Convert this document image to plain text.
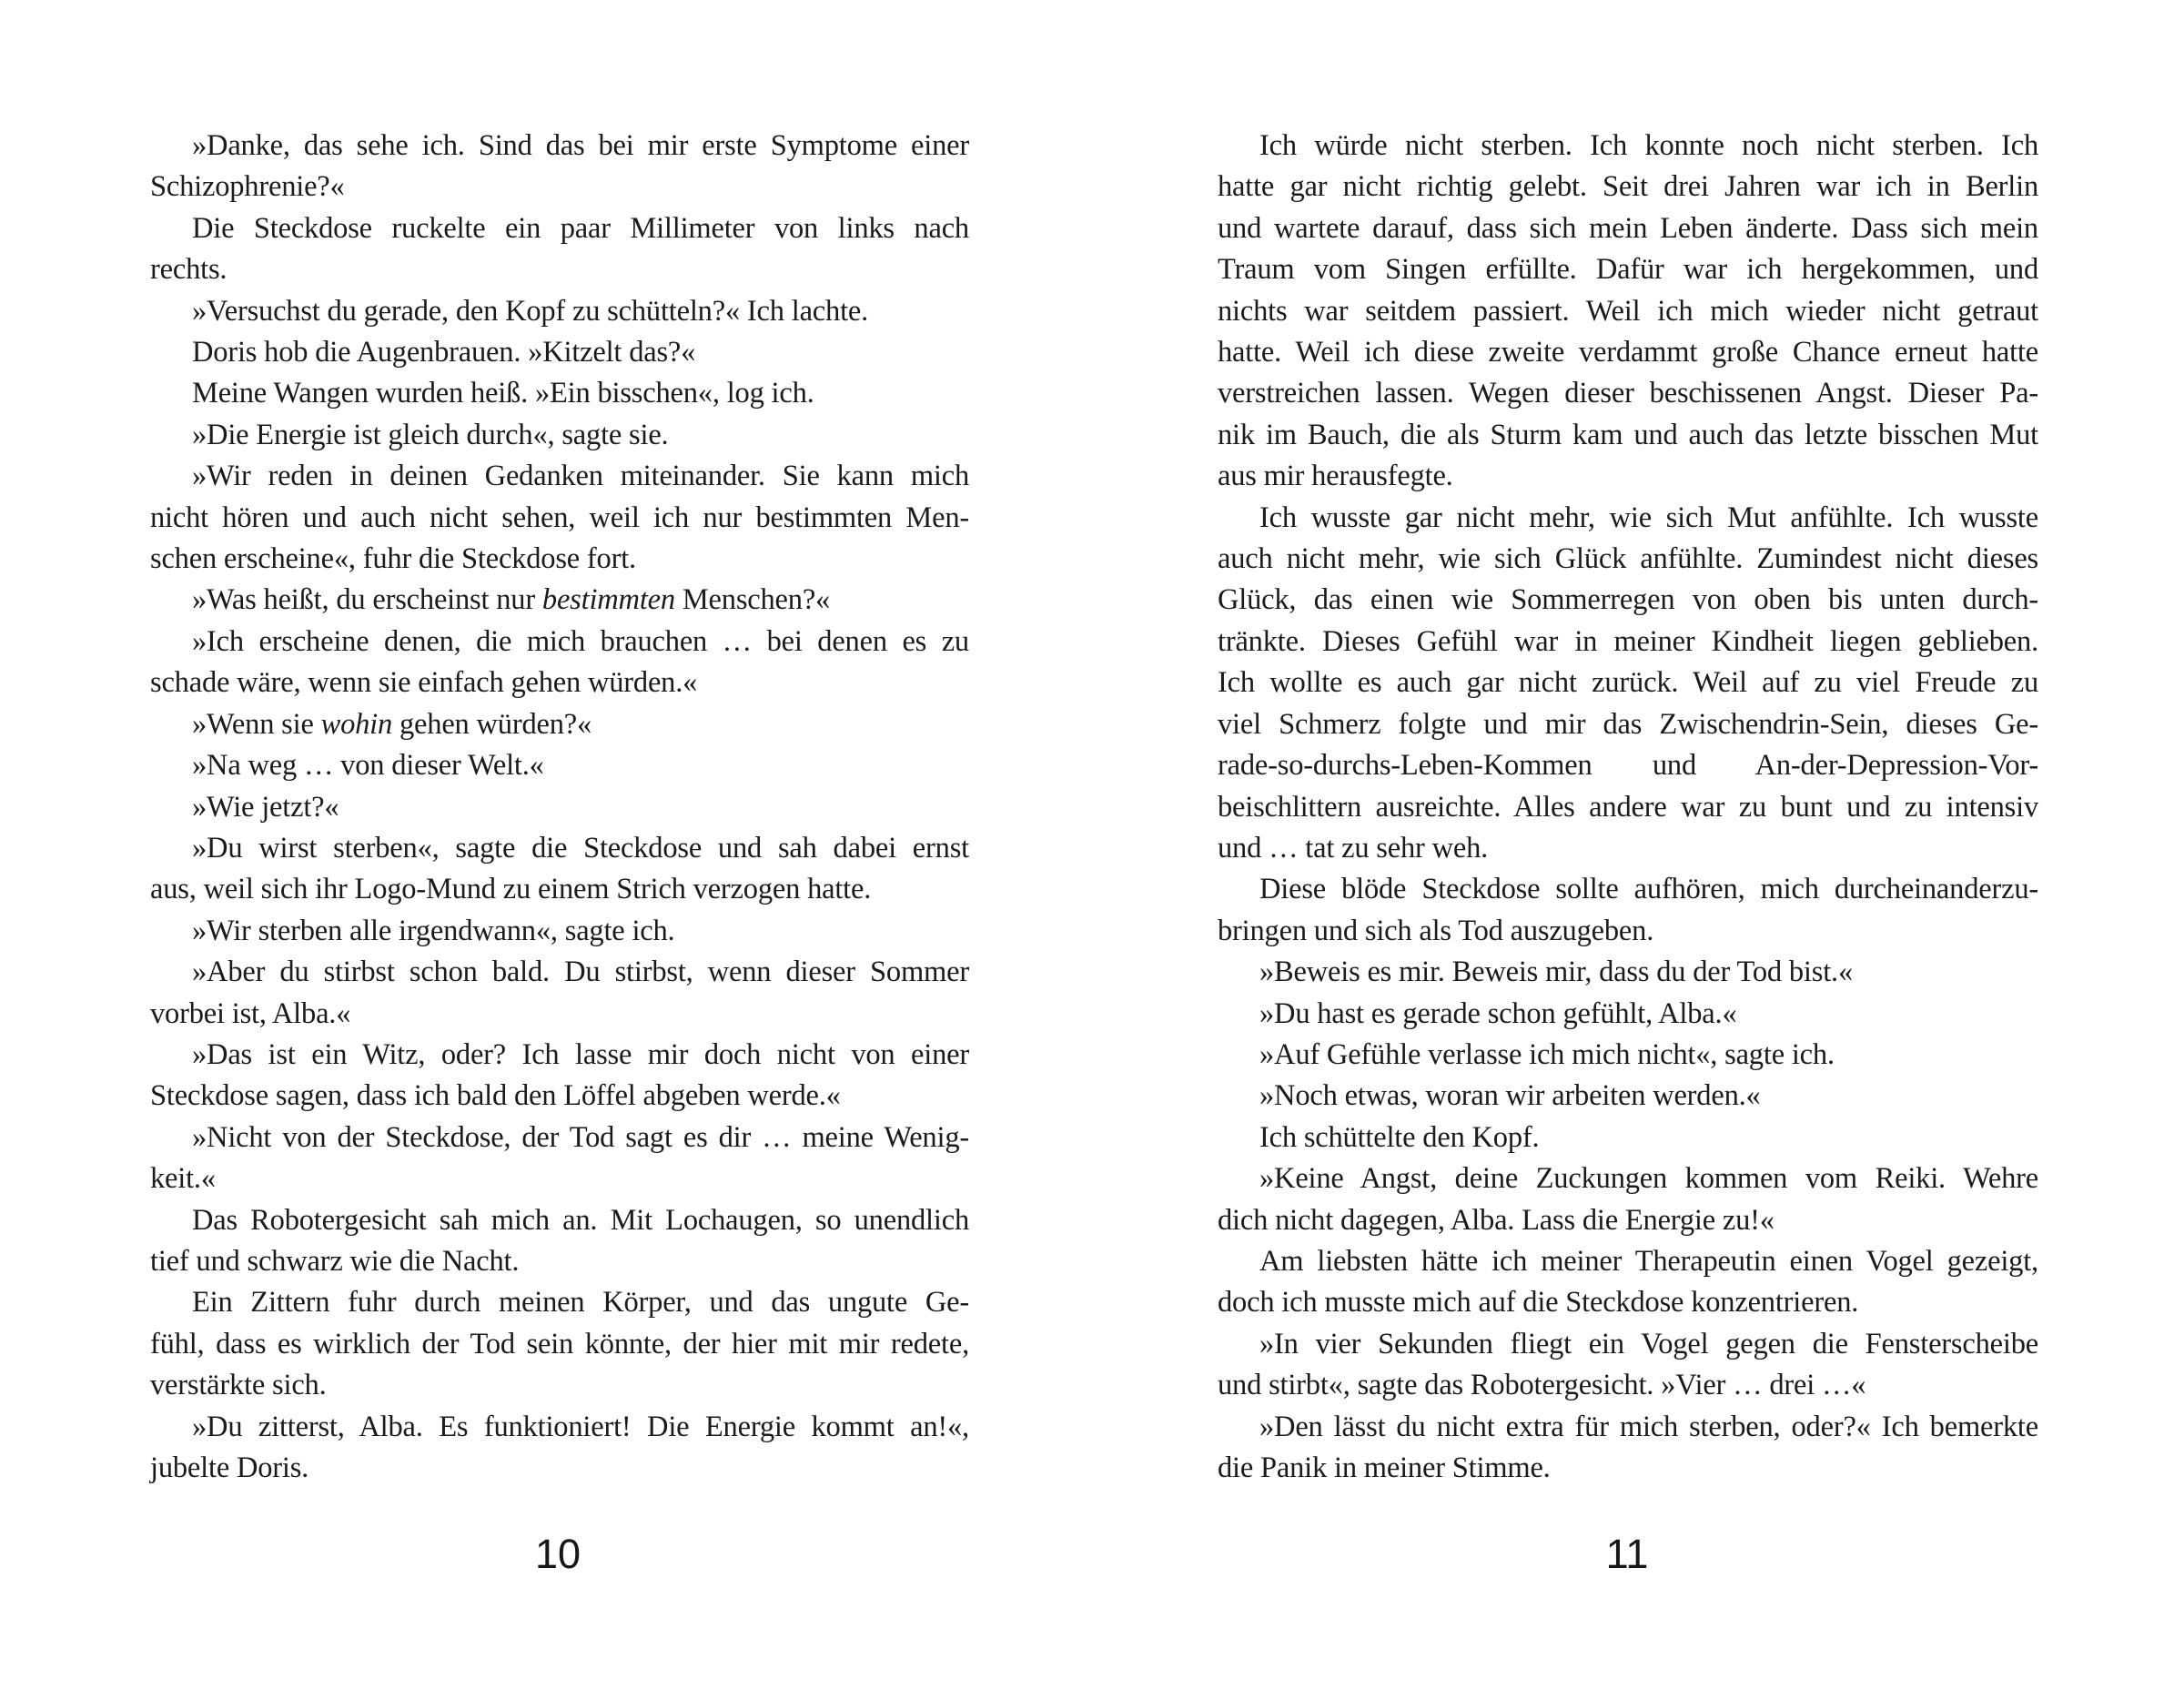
»Danke, das sehe ich. Sind das bei mir erste Symptome einer
Schizophrenie?«
Die Steckdose ruckelte ein paar Millimeter von links nach
rechts.
»Versuchst du gerade, den Kopf zu schütteln?« Ich lachte.
Doris hob die Augenbrauen. »Kitzelt das?«
Meine Wangen wurden heiß. »Ein bisschen«, log ich.
»Die Energie ist gleich durch«, sagte sie.
»Wir reden in deinen Gedanken miteinander. Sie kann mich
nicht hören und auch nicht sehen, weil ich nur bestimmten Men-
schen erscheine«, fuhr die Steckdose fort.
»Was heißt, du erscheinst nur bestimmten Menschen?«
»Ich erscheine denen, die mich brauchen … bei denen es zu
schade wäre, wenn sie einfach gehen würden.«
»Wenn sie wohin gehen würden?«
»Na weg … von dieser Welt.«
»Wie jetzt?«
»Du wirst sterben«, sagte die Steckdose und sah dabei ernst
aus, weil sich ihr Logo-Mund zu einem Strich verzogen hatte.
»Wir sterben alle irgendwann«, sagte ich.
»Aber du stirbst schon bald. Du stirbst, wenn dieser Sommer
vorbei ist, Alba.«
»Das ist ein Witz, oder? Ich lasse mir doch nicht von einer
Steckdose sagen, dass ich bald den Löffel abgeben werde.«
»Nicht von der Steckdose, der Tod sagt es dir … meine Wenig-
keit.«
Das Robotergesicht sah mich an. Mit Lochaugen, so unendlich
tief und schwarz wie die Nacht.
Ein Zittern fuhr durch meinen Körper, und das ungute Ge-
fühl, dass es wirklich der Tod sein könnte, der hier mit mir redete,
verstärkte sich.
»Du zitterst, Alba. Es funktioniert! Die Energie kommt an!«,
jubelte Doris.
Ich würde nicht sterben. Ich konnte noch nicht sterben. Ich
hatte gar nicht richtig gelebt. Seit drei Jahren war ich in Berlin
und wartete darauf, dass sich mein Leben änderte. Dass sich mein
Traum vom Singen erfüllte. Dafür war ich hergekommen, und
nichts war seitdem passiert. Weil ich mich wieder nicht getraut
hatte. Weil ich diese zweite verdammt große Chance erneut hatte
verstreichen lassen. Wegen dieser beschissenen Angst. Dieser Pa-
nik im Bauch, die als Sturm kam und auch das letzte bisschen Mut
aus mir herausfegte.
Ich wusste gar nicht mehr, wie sich Mut anfühlte. Ich wusste
auch nicht mehr, wie sich Glück anfühlte. Zumindest nicht dieses
Glück, das einen wie Sommerregen von oben bis unten durch-
tränkte. Dieses Gefühl war in meiner Kindheit liegen geblieben.
Ich wollte es auch gar nicht zurück. Weil auf zu viel Freude zu
viel Schmerz folgte und mir das Zwischendrin-Sein, dieses Ge-
rade-so-durchs-Leben-Kommen und An-der-Depression-Vor-
beischlittern ausreichte. Alles andere war zu bunt und zu intensiv
und … tat zu sehr weh.
Diese blöde Steckdose sollte aufhören, mich durcheinanderzu-
bringen und sich als Tod auszugeben.
»Beweis es mir. Beweis mir, dass du der Tod bist.«
»Du hast es gerade schon gefühlt, Alba.«
»Auf Gefühle verlasse ich mich nicht«, sagte ich.
»Noch etwas, woran wir arbeiten werden.«
Ich schüttelte den Kopf.
»Keine Angst, deine Zuckungen kommen vom Reiki. Wehre
dich nicht dagegen, Alba. Lass die Energie zu!«
Am liebsten hätte ich meiner Therapeutin einen Vogel gezeigt,
doch ich musste mich auf die Steckdose konzentrieren.
»In vier Sekunden fliegt ein Vogel gegen die Fensterscheibe
und stirbt«, sagte das Robotergesicht. »Vier … drei …«
»Den lässt du nicht extra für mich sterben, oder?« Ich bemerkte
die Panik in meiner Stimme.
10	11
